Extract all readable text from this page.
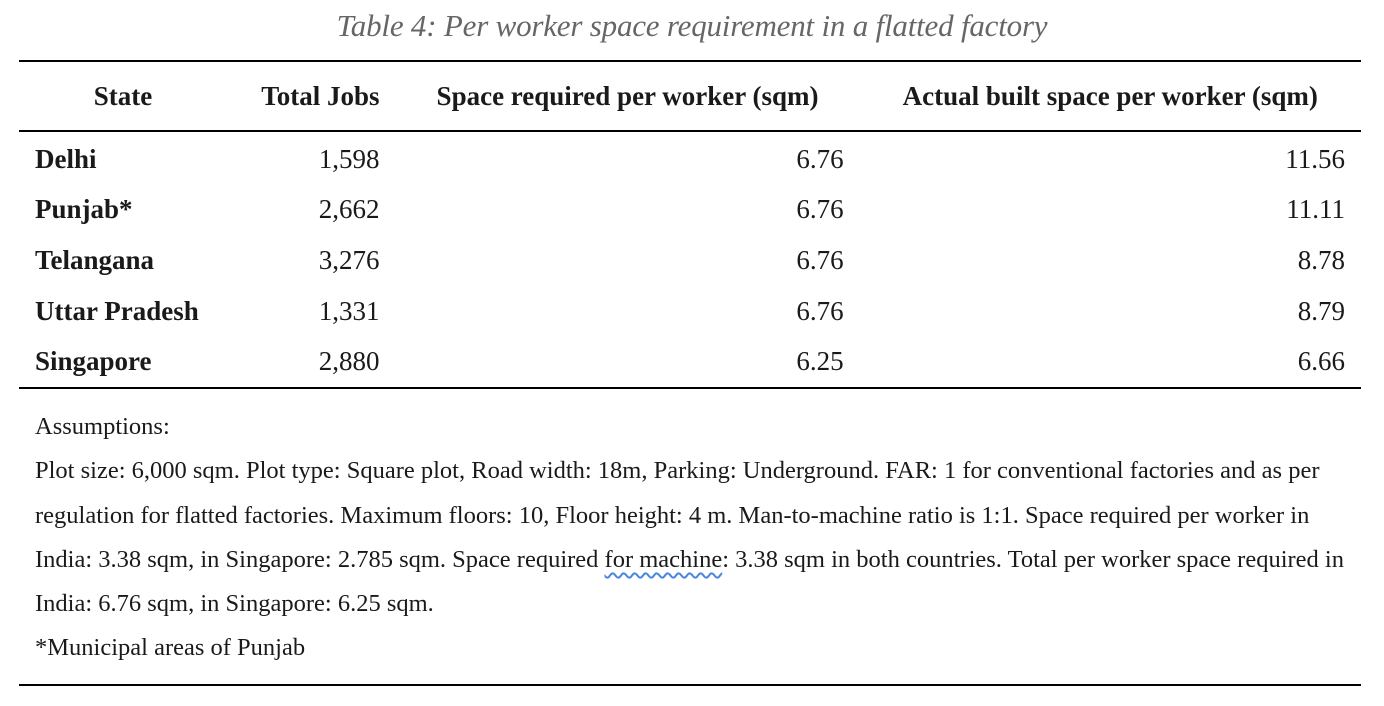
Table 4: Per worker space requirement in a flatted factory
State	Total Jobs	Space required per worker (sqm)	Actual built space per worker (sqm)
Delhi	1,598	6.76	11.56
Punjab*	2,662	6.76	11.11
Telangana	3,276	6.76	8.78
Uttar Pradesh	1,331	6.76	8.79
Singapore	2,880	6.25	6.66

Assumptions:

Plot size: 6,000 sqm. Plot type: Square plot, Road width: 18m, Parking: Underground. FAR: 1 for conventional factories and as per regulation for flatted factories. Maximum floors: 10, Floor height: 4 m. Man-to-machine ratio is 1:1. Space required per worker in India: 3.38 sqm, in Singapore: 2.785 sqm. Space required for machine: 3.38 sqm in both countries. Total per worker space required in India: 6.76 sqm, in Singapore: 6.25 sqm.

*Municipal areas of Punjab
